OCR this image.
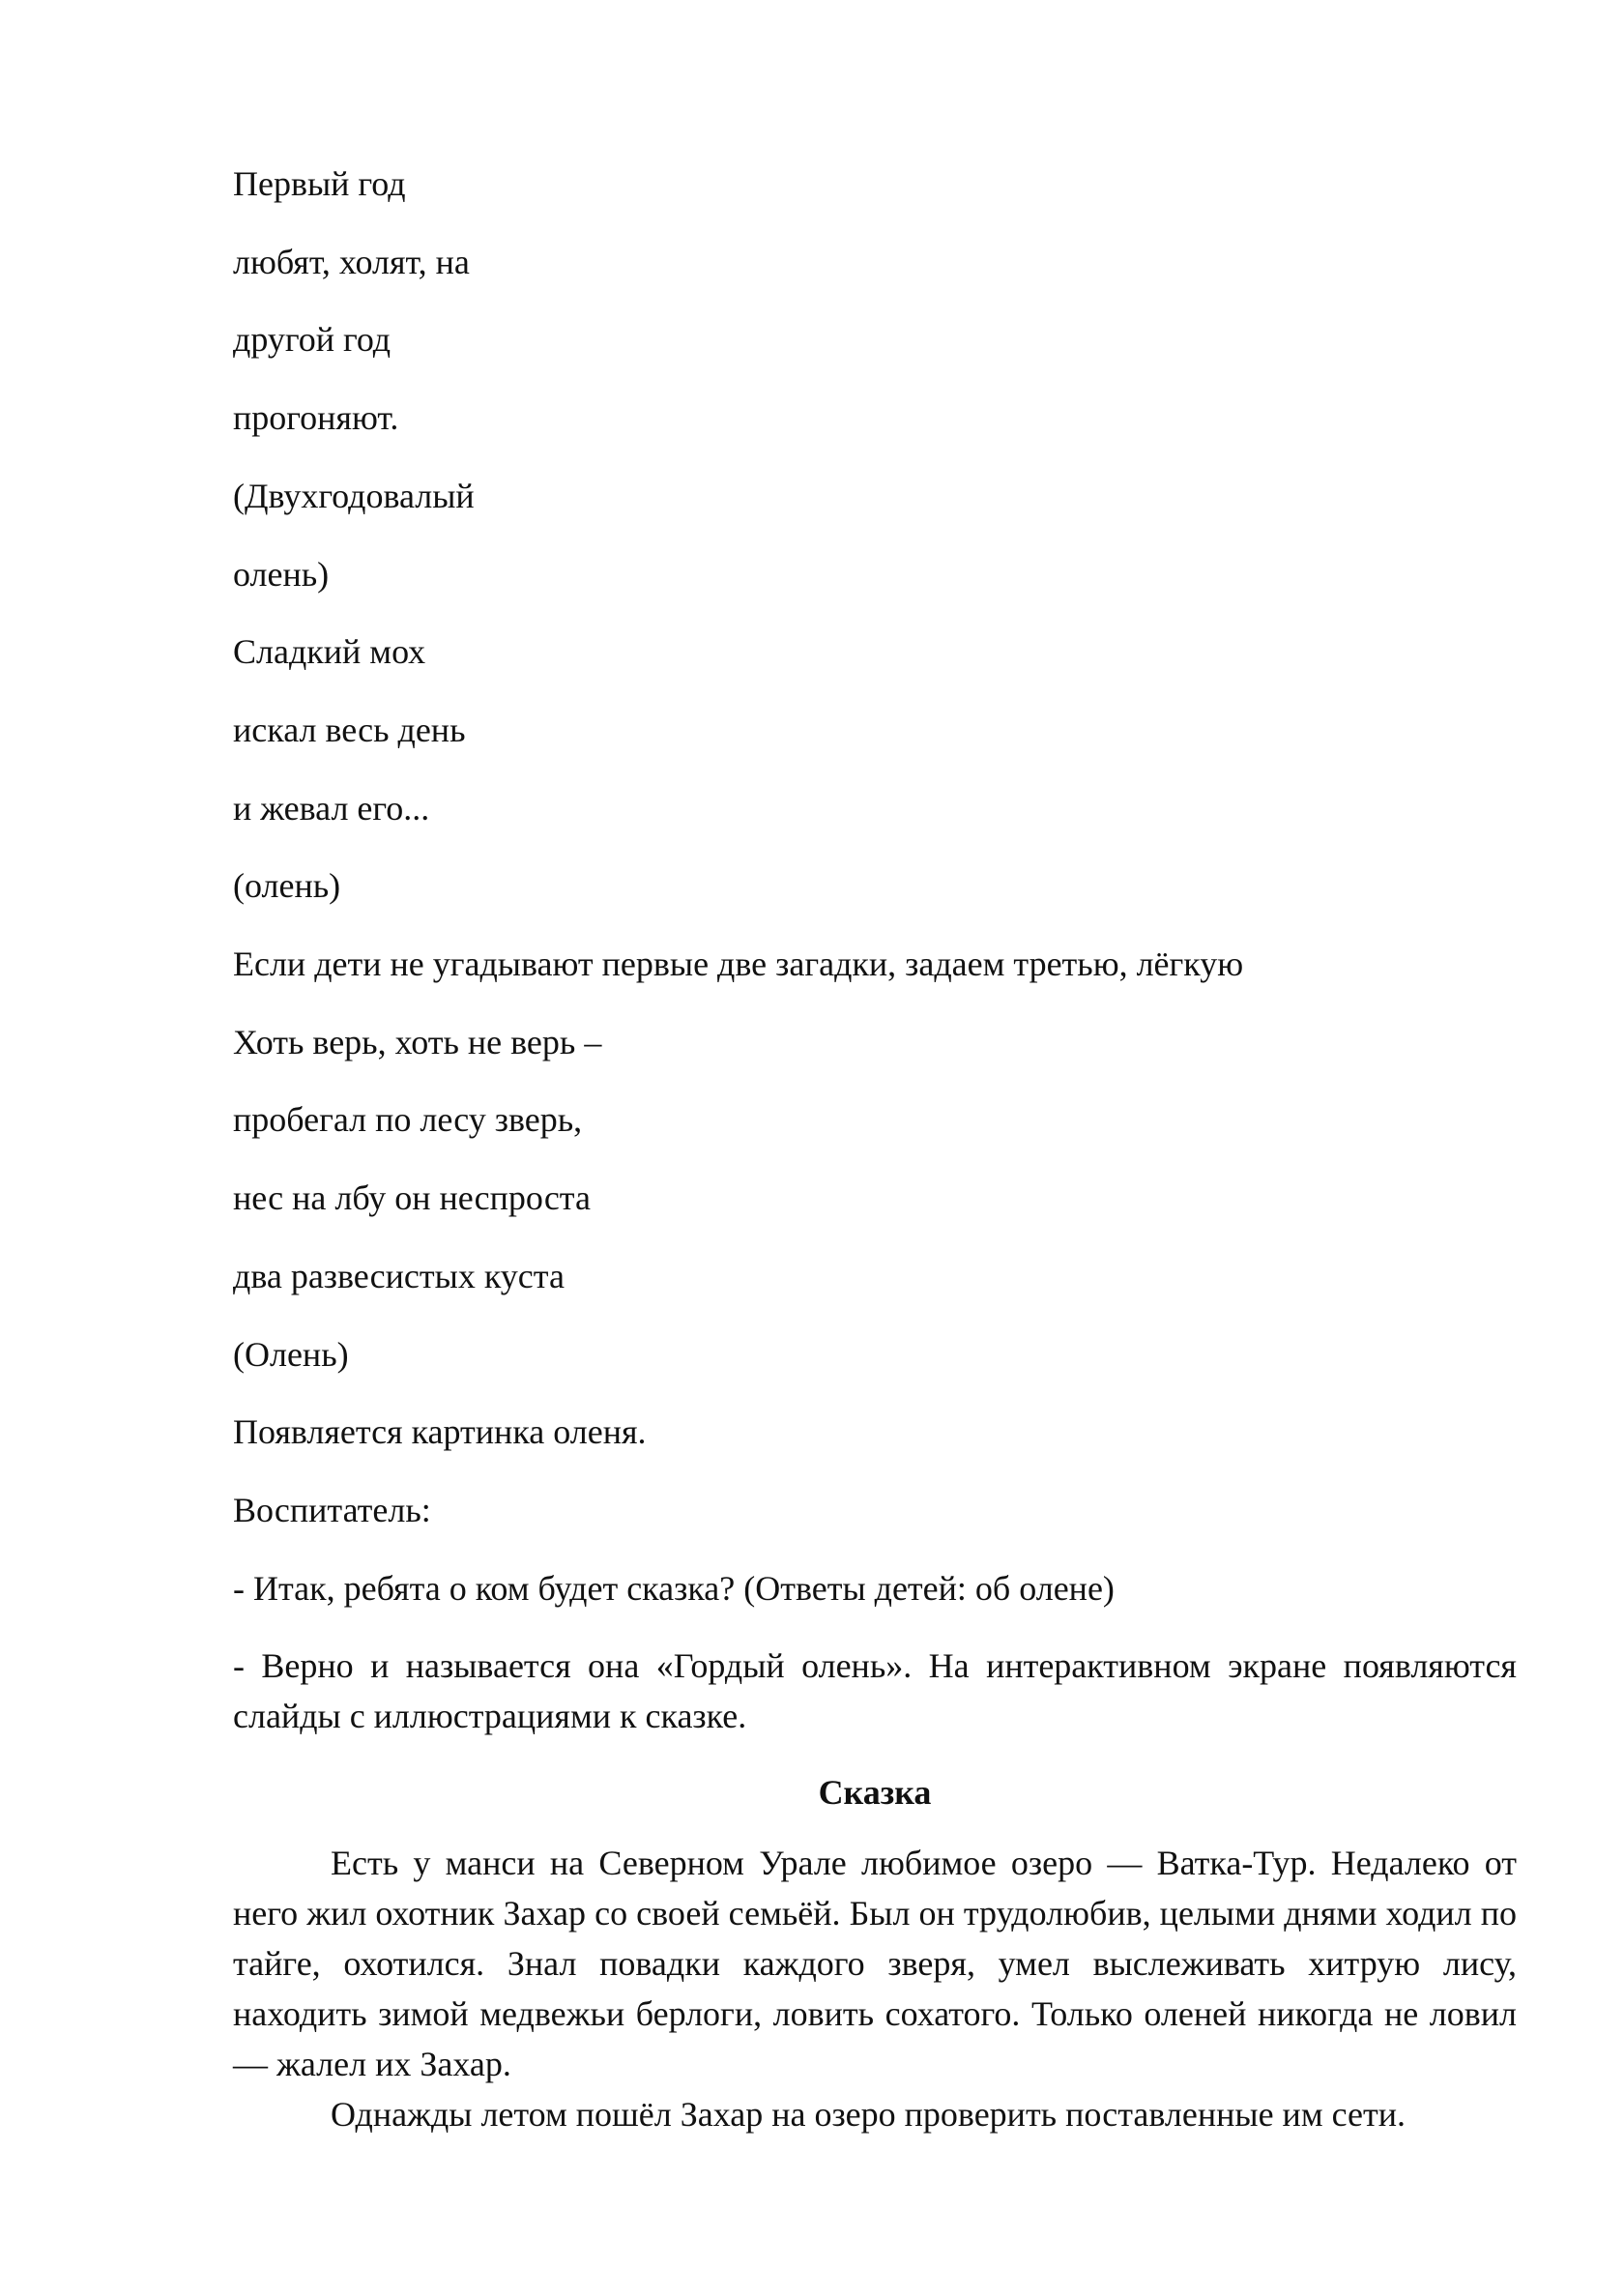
Первый год
любят, холят, на
другой год
прогоняют.
(Двухгодовалый
олень)
Сладкий мох
искал весь день
и жевал его...
(олень)
Если дети не угадывают первые две загадки, задаем третью, лёгкую
Хоть верь, хоть не верь –
пробегал по лесу зверь,
нес на лбу он неспроста
два развесистых куста
(Олень)
Появляется картинка оленя.
Воспитатель:
- Итак, ребята о ком будет сказка? (Ответы детей: об олене)
- Верно и называется она «Гордый олень». На интерактивном экране появляются слайды с иллюстрациями к сказке.
Сказка
Есть у манси на Северном Урале любимое озеро — Ватка-Тур. Недалеко от него жил охотник Захар со своей семьёй. Был он трудолюбив, целыми днями ходил по тайге, охотился. Знал повадки каждого зверя, умел выслеживать хитрую лису, находить зимой медвежьи берлоги, ловить сохатого. Только оленей никогда не ловил — жалел их Захар.
Однажды летом пошёл Захар на озеро проверить поставленные им сети.
